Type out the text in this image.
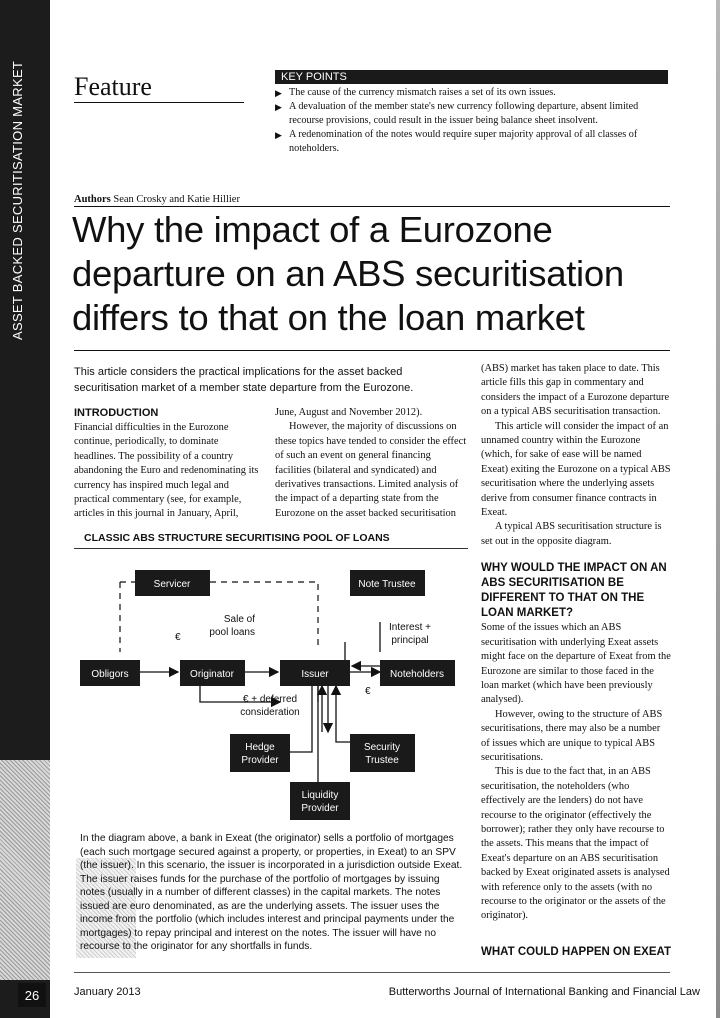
ASSET BACKED SECURITISATION MARKET	Feature	KEY POINTS
▶ The cause of the currency mismatch raises a set of its own issues.
▶ A devaluation of the member state's new currency following departure, absent limited recourse provisions, could result in the issuer being balance sheet insolvent.
▶ A redenomination of the notes would require super majority approval of all classes of noteholders.
Authors Sean Crosky and Katie Hillier
Why the impact of a Eurozone departure on an ABS securitisation differs to that on the loan market
This article considers the practical implications for the asset backed securitisation market of a member state departure from the Eurozone.

INTRODUCTION

Financial difficulties in the Eurozone continue, periodically, to dominate headlines. The possibility of a country abandoning the Euro and redenominating its currency has inspired much legal and practical commentary (see, for example, articles in this journal in January, April,

June, August and November 2012).

However, the majority of discussions on these topics have tended to consider the effect of such an event on general financing facilities (bilateral and syndicated) and derivatives transactions. Limited analysis of the impact of a departing state from the Eurozone on the asset backed securitisation

(ABS) market has taken place to date. This article fills this gap in commentary and considers the impact of a Eurozone departure on a typical ABS securitisation transaction.

This article will consider the impact of an unnamed country within the Eurozone (which, for sake of ease will be named Exeat) exiting the Eurozone on a typical ABS securitisation where the underlying assets derive from consumer finance contracts in Exeat.

A typical ABS securitisation structure is set out in the opposite diagram.

WHY WOULD THE IMPACT ON AN ABS SECURITISATION BE DIFFERENT TO THAT ON THE LOAN MARKET?

Some of the issues which an ABS securitisation with underlying Exeat assets might face on the departure of Exeat from the Eurozone are similar to those faced in the loan market (which have been previously analysed).

However, owing to the structure of ABS securitisations, there may also be a number of issues which are unique to typical ABS securitisations.

This is due to the fact that, in an ABS securitisation, the noteholders (who effectively are the lenders) do not have recourse to the originator (effectively the borrower); rather they only have recourse to the assets. This means that the impact of Exeat's departure on an ABS securitisation backed by Exeat originated assets is analysed with reference only to the assets (with no recourse to the originator or the assets of the originator).

WHAT COULD HAPPEN ON EXEAT

CLASSIC ABS STRUCTURE SECURITISING POOL OF LOANS
Servicer	Note Trustee
Obligors	Originator	Issuer	Noteholders
Hedge Provider
Security Trustee
Liquidity Provider
Sale of pool loans	Interest + principal
€
€
€ + deferred consideration
In the diagram above, a bank in Exeat (the originator) sells a portfolio of mortgages (each such mortgage secured against a property, or properties, in Exeat) to an SPV (the issuer). In this scenario, the issuer is incorporated in a jurisdiction outside Exeat. The issuer raises funds for the purchase of the portfolio of mortgages by issuing notes (usually in a number of different classes) in the capital markets. The notes issued are euro denominated, as are the underlying assets. The issuer uses the income from the portfolio (which includes interest and principal payments under the mortgages) to repay principal and interest on the notes. The issuer will have no recourse to the originator for any shortfalls in funds.
26	January 2013	Butterworths Journal of International Banking and Financial Law
